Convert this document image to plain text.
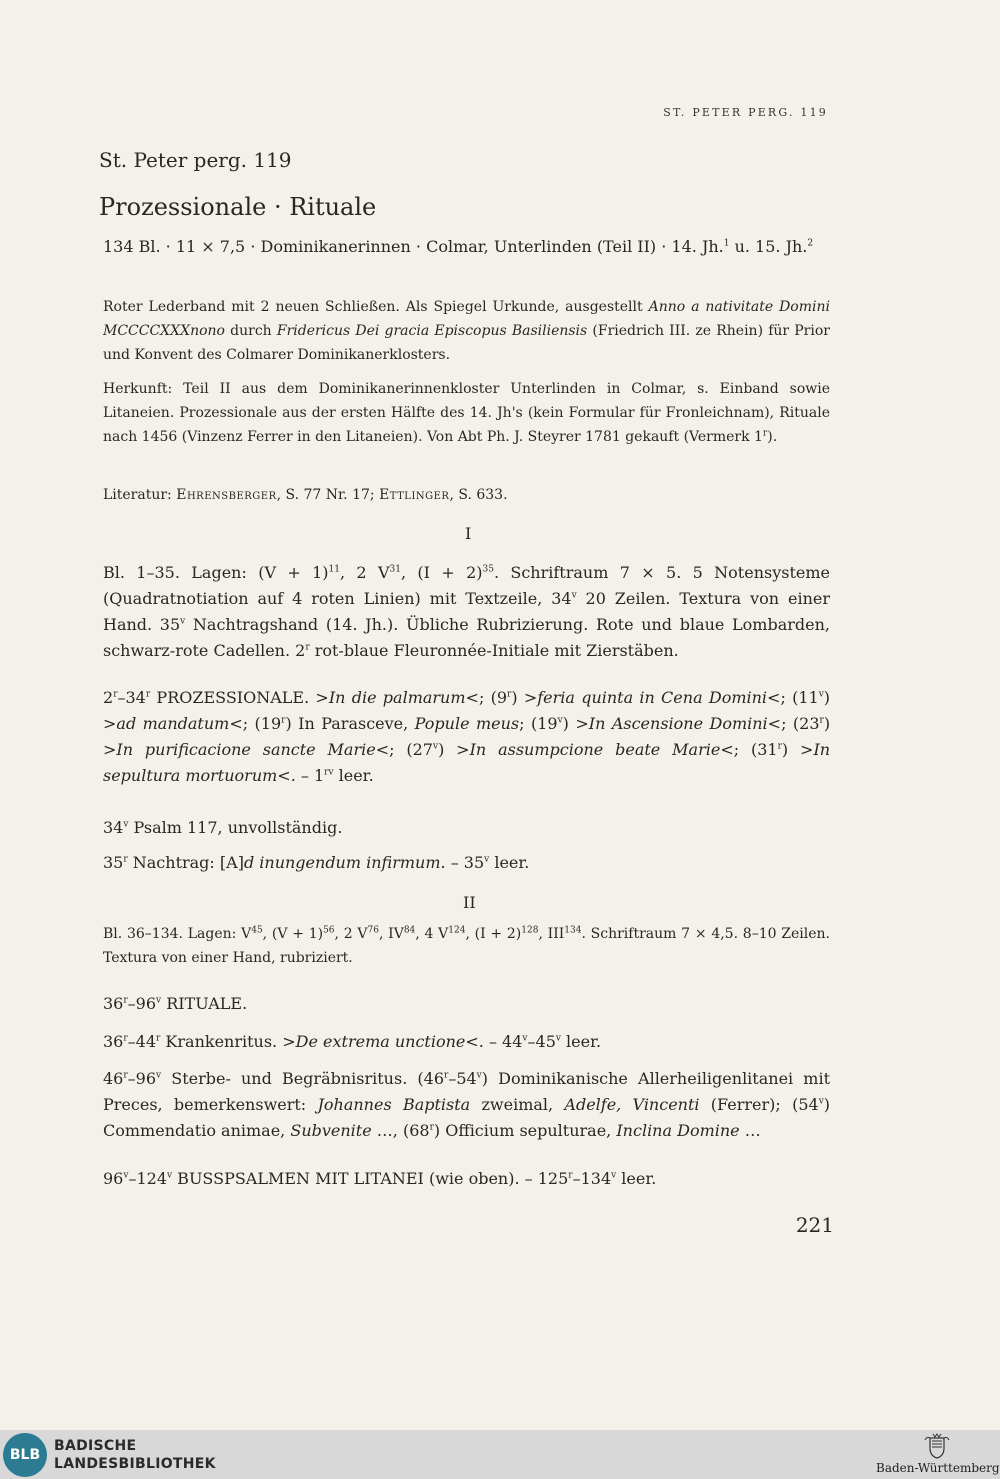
ST. PETER PERG. 119
St. Peter perg. 119
Prozessionale · Rituale
134 Bl. · 11 × 7,5 · Dominikanerinnen · Colmar, Unterlinden (Teil II) · 14. Jh.$^1$ u. 15. Jh.$^2$
Roter Lederband mit 2 neuen Schließen. Als Spiegel Urkunde, ausgestellt Anno a nativitate Domini MCCCCXXXnono durch Fridericus Dei gracia Episcopus Basiliensis (Friedrich III. ze Rhein) für Prior und Konvent des Colmarer Dominikanerklosters.
Herkunft: Teil II aus dem Dominikanerinnenkloster Unterlinden in Colmar, s. Einband sowie Litaneien. Prozessionale aus der ersten Hälfte des 14. Jh's (kein Formular für Fronleichnam), Rituale nach 1456 (Vinzenz Ferrer in den Litaneien). Von Abt Ph. J. Steyrer 1781 gekauft (Vermerk 1$^r$).
Literatur: Ehrensberger, S. 77 Nr. 17; Ettlinger, S. 633.
I
Bl. 1–35. Lagen: $(V + 1)^{11}$, 2 $V^{31}$, $(I + 2)^{35}$. Schriftraum 7 × 5. 5 Notensysteme (Quadratnotiation auf 4 roten Linien) mit Textzeile, 34$^v$ 20 Zeilen. Textura von einer Hand. 35$^v$ Nachtragshand (14. Jh.). Übliche Rubrizierung. Rote und blaue Lombarden, schwarz-rote Cadellen. 2$^r$ rot-blaue Fleuronnée-Initiale mit Zierstäben.
2$^r$–34$^r$ PROZESSIONALE. >In die palmarum<; $(9^r)$ >feria quinta in Cena Domini<; $(11^v) >ad$ mandatum<; (19$^r$) In Parasceve, Popule meus; $(19^v) >In$ Ascensione Domini<; $(23^r) >In$ purificacione sancte Marie<; $(27^v) >In$ assumpcione beate Marie<; $(31^r) >In$ sepultura mortuorum<. – $1^{rv}$ leer.
34$^v$ Psalm 117, unvollständig.
35$^r$ Nachtrag: [A]d inungendum infirmum. – 35$^v$ leer.
II
Bl. 36–134. Lagen: $V^{45}$, $(V + 1)^{56}$, 2 $V^{76}$, IV$^{84}$, 4 $V^{124}$, $(I + 2)^{128}$, III$^{134}$. Schriftraum 7 × 4,5. 8–10 Zeilen. Textura von einer Hand, rubriziert.
36$^r$–96$^v$ RITUALE.
36$^r$–44$^r$ Krankenritus. >De extrema unctione<. – 44$^v$–45$^v$ leer.
46$^r$–96$^v$ Sterbe- und Begräbnisritus. (46$^r$–54$^v$) Dominikanische Allerheiligenlitanei mit Preces, bemerkenswert: Johannes Baptista zweimal, Adelfe, Vincenti (Ferrer); (54$^v$) Commendatio animae, Subvenite …, (68$^r$) Officium sepulturae, Inclina Domine …
96$^v$–124$^v$ BUSSPSALMEN MIT LITANEI (wie oben). – 125$^r$–134$^v$ leer.
221
BLB
BADISCHE
LANDESBIBLIOTHEK	Baden-Württemberg
